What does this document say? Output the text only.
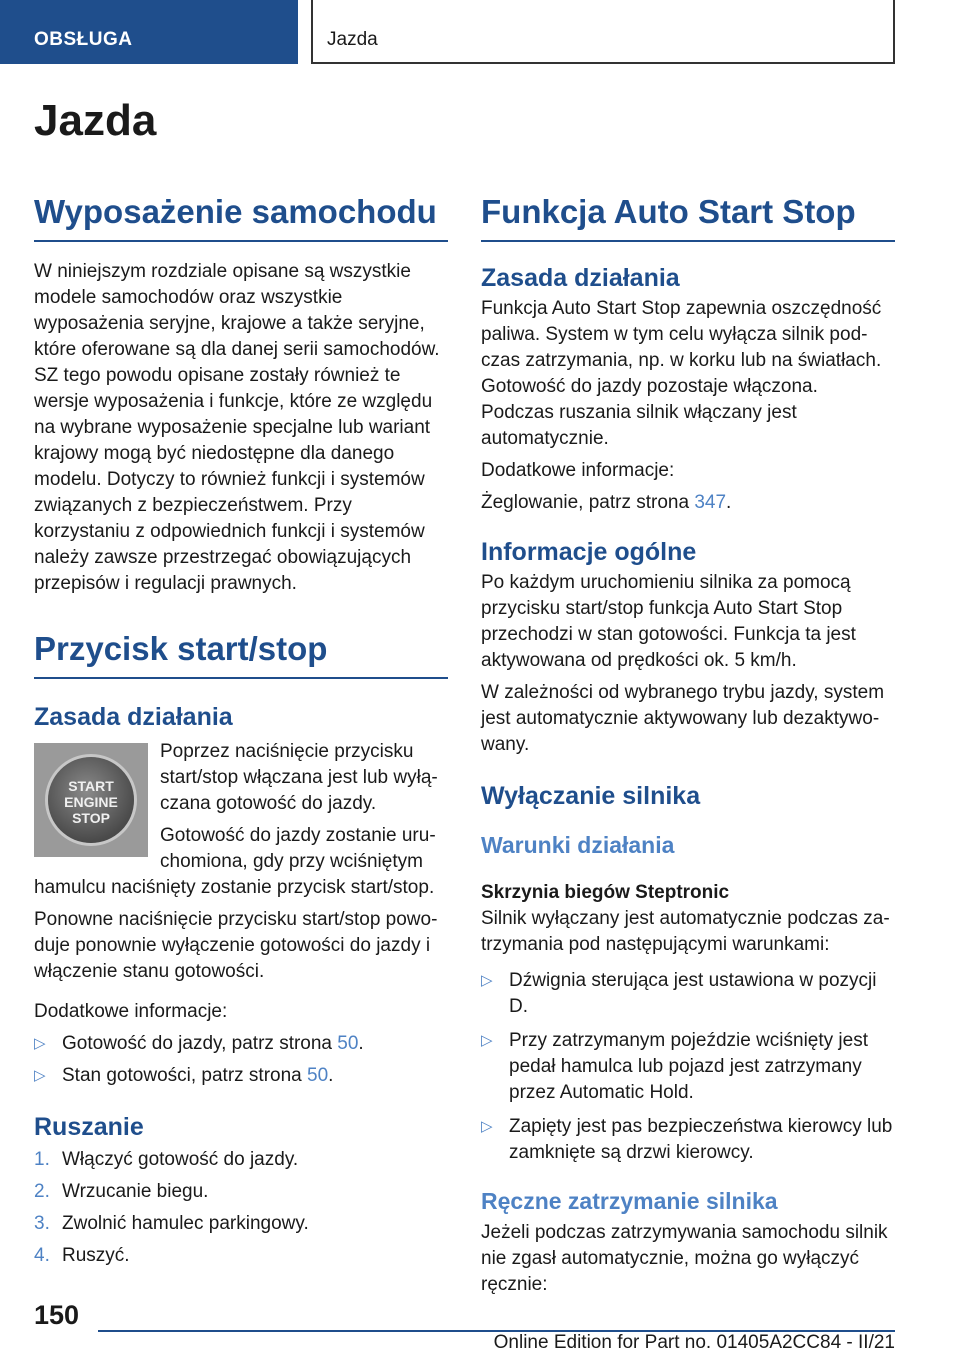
OBSŁUGA	Jazda
Jazda
Wyposażenie samochodu

W niniejszym rozdziale opisane są wszystkie modele samochodów oraz wszystkie wyposażenia seryjne, krajowe a także seryjne, które oferowane są dla danej serii samochodów. SZ tego powodu opisane zostały również te wersje wyposażenia i funkcje, które ze względu na wybrane wyposażenie specjalne lub wariant krajowy mogą być niedostępne dla danego modelu. Dotyczy to również funkcji i systemów związanych z bezpieczeństwem. Przy korzystaniu z odpowiednich funkcji i systemów należy zawsze przestrzegać obowiązujących przepisów i regulacji prawnych.

Przycisk start/stop
Zasada działania
START
ENGINE
STOP

Poprzez naciśnięcie przycisku start/stop włączana jest lub wyłączana gotowość do jazdy.

Gotowość do jazdy zostanie uruchomiona, gdy przy wciśniętym hamulcu naciśnięty zostanie przycisk start/stop.

Ponowne naciśnięcie przycisku start/stop powoduje ponownie wyłączenie gotowości do jazdy i włączenie stanu gotowości.

Dodatkowe informacje:

▷ Gotowość do jazdy, patrz strona 50.
▷ Stan gotowości, patrz strona 50.
Ruszanie
1. Włączyć gotowość do jazdy.
2. Wrzucanie biegu.
3. Zwolnić hamulec parkingowy.
4. Ruszyć.
Funkcja Auto Start Stop
Zasada działania

Funkcja Auto Start Stop zapewnia oszczędność paliwa. System w tym celu wyłącza silnik podczas zatrzymania, np. w korku lub na światłach. Gotowość do jazdy pozostaje włączona. Podczas ruszania silnik włączany jest automatycznie.

Dodatkowe informacje:

Żeglowanie, patrz strona 347.

Informacje ogólne

Po każdym uruchomieniu silnika za pomocą przycisku start/stop funkcja Auto Start Stop przechodzi w stan gotowości. Funkcja ta jest aktywowana od prędkości ok. 5 km/h.

W zależności od wybranego trybu jazdy, system jest automatycznie aktywowany lub dezaktywowany.

Wyłączanie silnika
Warunki działania
Skrzynia biegów Steptronic

Silnik wyłączany jest automatycznie podczas zatrzymania pod następującymi warunkami:

▷ Dźwignia sterująca jest ustawiona w pozycji D.
▷ Przy zatrzymanym pojeździe wciśnięty jest pedał hamulca lub pojazd jest zatrzymany przez Automatic Hold.
▷ Zapięty jest pas bezpieczeństwa kierowcy lub zamknięte są drzwi kierowcy.
Ręczne zatrzymanie silnika

Jeżeli podczas zatrzymywania samochodu silnik nie zgasł automatycznie, można go wyłączyć ręcznie:

150
Online Edition for Part no. 01405A2CC84 - II/21
